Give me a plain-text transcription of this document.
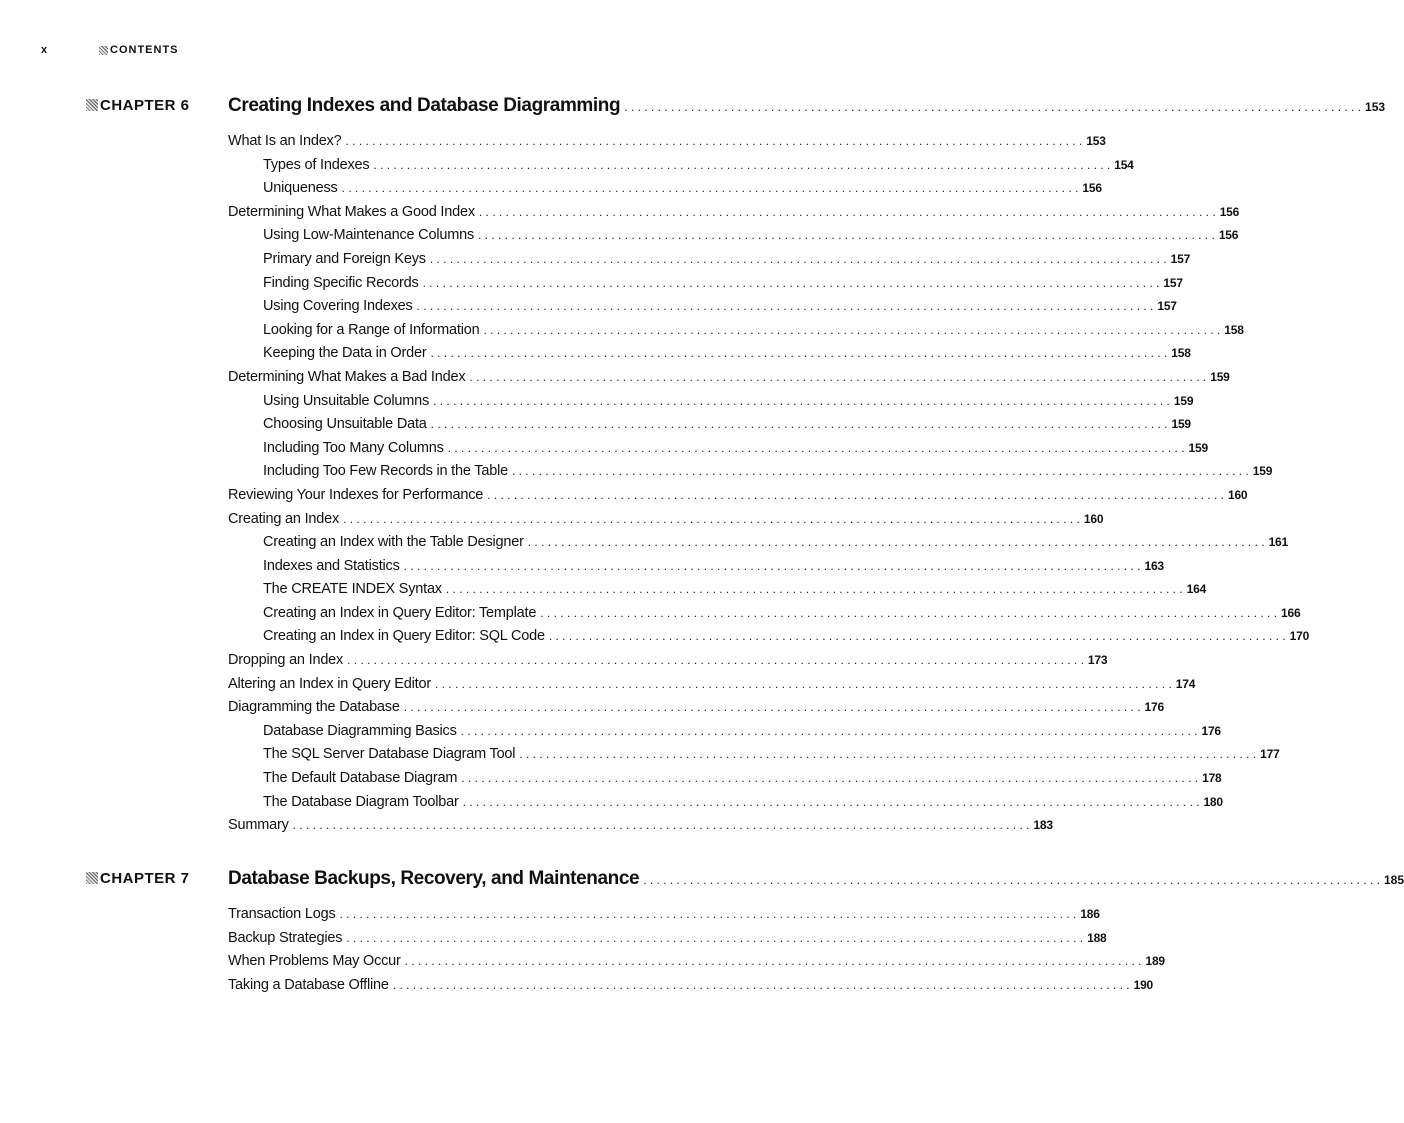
x	CONTENTS
CHAPTER 6 Creating Indexes and Database Diagramming . . .	153
What Is an Index? . . .	153
Types of Indexes . . .	154
Uniqueness . . .	156
Determining What Makes a Good Index . . .	156
Using Low-Maintenance Columns . . .	156
Primary and Foreign Keys . . .	157
Finding Specific Records . . .	157
Using Covering Indexes . . .	157
Looking for a Range of Information . . .	158
Keeping the Data in Order . . .	158
Determining What Makes a Bad Index . . .	159
Using Unsuitable Columns . . .	159
Choosing Unsuitable Data . . .	159
Including Too Many Columns . . .	159
Including Too Few Records in the Table . . .	159
Reviewing Your Indexes for Performance . . .	160
Creating an Index . . .	160
Creating an Index with the Table Designer . . .	161
Indexes and Statistics . . .	163
The CREATE INDEX Syntax . . .	164
Creating an Index in Query Editor: Template . . .	166
Creating an Index in Query Editor: SQL Code . . .	170
Dropping an Index . . .	173
Altering an Index in Query Editor . . .	174
Diagramming the Database . . .	176
Database Diagramming Basics . . .	176
The SQL Server Database Diagram Tool . . .	177
The Default Database Diagram . . .	178
The Database Diagram Toolbar . . .	180
Summary . . .	183
CHAPTER 7 Database Backups, Recovery, and Maintenance . . .	185
Transaction Logs . . .	186
Backup Strategies . . .	188
When Problems May Occur . . .	189
Taking a Database Offline . . .	190
